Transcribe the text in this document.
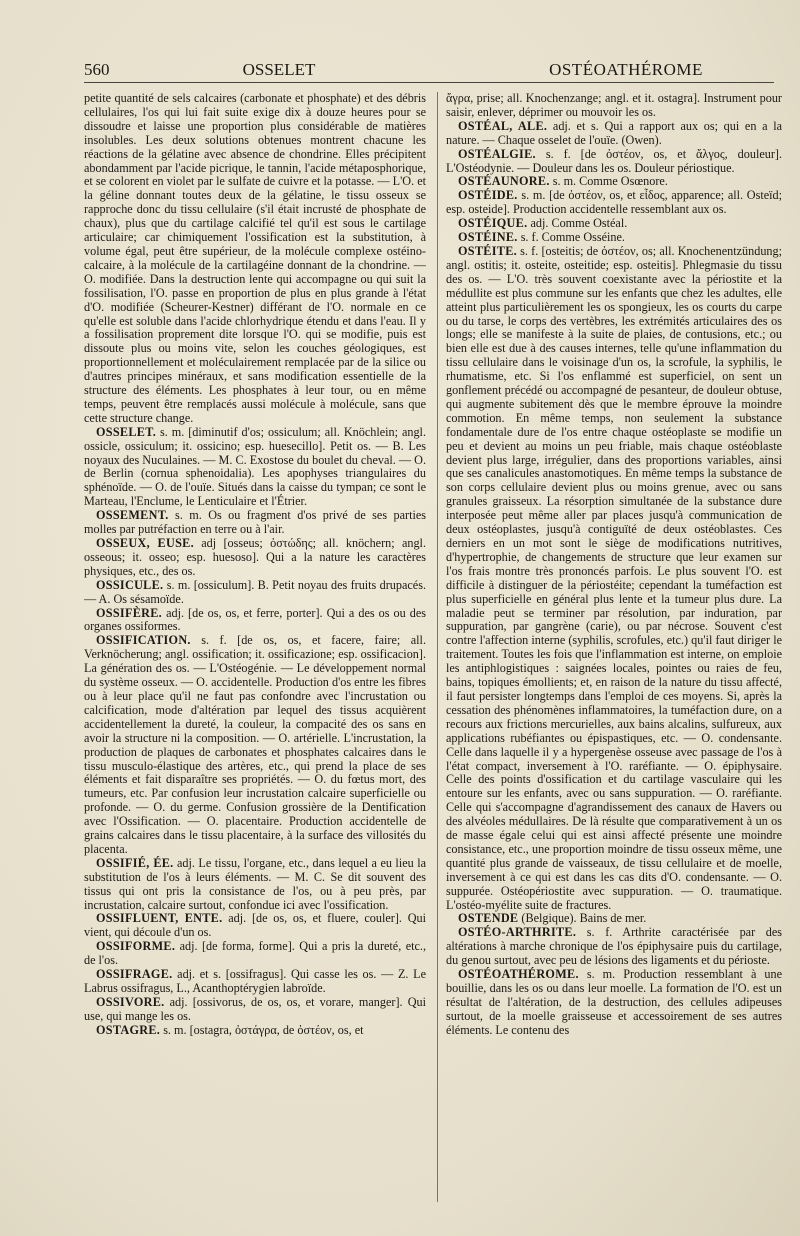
560	OSSELET	OSTÉOATHÉROME

petite quantité de sels calcaires (carbonate et phosphate) et des débris cellulaires, l'os qui lui fait suite exige dix à douze heures pour se dissoudre et laisse une proportion plus considérable de matières insolubles. Les deux solutions obtenues montrent chacune les réactions de la gélatine avec absence de chondrine. Elles précipitent abondamment par l'acide picrique, le tannin, l'acide métaposphorique, et se colorent en violet par le sulfate de cuivre et la potasse. — L'O. et la géline donnant toutes deux de la gélatine, le tissu osseux se rapproche donc du tissu cellulaire (s'il était incrusté de phosphate de chaux), plus que du cartilage calcifié tel qu'il est sous le cartilage articulaire; car chimiquement l'ossification est la substitution, à volume égal, peut être supérieur, de la molécule complexe ostéino-calcaire, à la molécule de la cartilagéine donnant de la chondrine. — O. modifiée. Dans la destruction lente qui accompagne ou qui suit la fossilisation, l'O. passe en proportion de plus en plus grande à l'état d'O. modifiée (Scheurer-Kestner) différant de l'O. normale en ce qu'elle est soluble dans l'acide chlorhydrique étendu et dans l'eau. Il y a fossilisation proprement dite lorsque l'O. qui se modifie, puis est dissoute plus ou moins vite, selon les couches géologiques, est proportionnellement et moléculairement remplacée par de la silice ou d'autres principes minéraux, et sans modification essentielle de la structure des éléments. Les phosphates à leur tour, ou en même temps, peuvent être remplacés aussi molécule à molécule, sans que cette structure change.

OSSELET. s. m. [diminutif d'os; ossiculum; all. Knöchlein; angl. ossicle, ossiculum; it. ossicino; esp. huesecillo]. Petit os. — B. Les noyaux des Nuculaines. — M. C. Exostose du boulet du cheval. — O. de Berlin (cornua sphenoidalia). Les apophyses triangulaires du sphénoïde. — O. de l'ouïe. Situés dans la caisse du tympan; ce sont le Marteau, l'Enclume, le Lenticulaire et l'Étrier.

OSSEMENT. s. m. Os ou fragment d'os privé de ses parties molles par putréfaction en terre ou à l'air.

OSSEUX, EUSE. adj [osseus; ὀστώδης; all. knöchern; angl. osseous; it. osseo; esp. huesoso]. Qui a la nature les caractères physiques, etc., des os.

OSSICULE. s. m. [ossiculum]. B. Petit noyau des fruits drupacés. — A. Os sésamoïde.

OSSIFÈRE. adj. [de os, os, et ferre, porter]. Qui a des os ou des organes ossiformes.

OSSIFICATION. s. f. [de os, os, et facere, faire; all. Verknöcherung; angl. ossification; it. ossificazione; esp. ossificacion]. La génération des os. — L'Ostéogénie. — Le développement normal du système osseux. — O. accidentelle. Production d'os entre les fibres ou à leur place qu'il ne faut pas confondre avec l'incrustation ou calcification, mode d'altération par lequel des tissus acquièrent accidentellement la dureté, la couleur, la compacité des os sans en avoir la structure ni la composition. — O. artérielle. L'incrustation, la production de plaques de carbonates et phosphates calcaires dans le tissu musculo-élastique des artères, etc., qui prend la place de ses éléments et fait disparaître ses propriétés. — O. du fœtus mort, des tumeurs, etc. Par confusion leur incrustation calcaire superficielle ou profonde. — O. du germe. Confusion grossière de la Dentification avec l'Ossification. — O. placentaire. Production accidentelle de grains calcaires dans le tissu placentaire, à la surface des villosités du placenta.

OSSIFIÉ, ÉE. adj. Le tissu, l'organe, etc., dans lequel a eu lieu la substitution de l'os à leurs éléments. — M. C. Se dit souvent des tissus qui ont pris la consistance de l'os, ou à peu près, par incrustation, calcaire surtout, confondue ici avec l'ossification.

OSSIFLUENT, ENTE. adj. [de os, os, et fluere, couler]. Qui vient, qui découle d'un os.

OSSIFORME. adj. [de forma, forme]. Qui a pris la dureté, etc., de l'os.

OSSIFRAGE. adj. et s. [ossifragus]. Qui casse les os. — Z. Le Labrus ossifragus, L., Acanthoptérygien labroïde.

OSSIVORE. adj. [ossivorus, de os, os, et vorare, manger]. Qui use, qui mange les os.

OSTAGRE. s. m. [ostagra, ὀστάγρα, de ὀστέον, os, et

ἄγρα, prise; all. Knochenzange; angl. et it. ostagra]. Instrument pour saisir, enlever, déprimer ou mouvoir les os.

OSTÉAL, ALE. adj. et s. Qui a rapport aux os; qui en a la nature. — Chaque osselet de l'ouïe. (Owen).

OSTÉALGIE. s. f. [de ὀστέον, os, et ἄλγος, douleur]. L'Ostéodynie. — Douleur dans les os. Douleur périostique.

OSTÉAUNORE. s. m. Comme Osœnore.

OSTÉIDE. s. m. [de ὀστέον, os, et εἶδος, apparence; all. Osteïd; esp. osteide]. Production accidentelle ressemblant aux os.

OSTÉIQUE. adj. Comme Ostéal.

OSTÉINE. s. f. Comme Osséine.

OSTÉITE. s. f. [osteitis; de ὀστέον, os; all. Knochenentzündung; angl. ostitis; it. osteite, osteitide; esp. osteitis]. Phlegmasie du tissu des os. — L'O. très souvent coexistante avec la périostite et la médullite est plus commune sur les enfants que chez les adultes, elle atteint plus particulièrement les os spongieux, les os courts du carpe ou du tarse, le corps des vertèbres, les extrémités articulaires des os longs; elle se manifeste à la suite de plaies, de contusions, etc.; ou bien elle est due à des causes internes, telle qu'une inflammation du tissu cellulaire dans le voisinage d'un os, la scrofule, la syphilis, le rhumatisme, etc. Si l'os enflammé est superficiel, on sent un gonflement précédé ou accompagné de pesanteur, de douleur obtuse, qui augmente subitement dès que le membre éprouve la moindre commotion. En même temps, non seulement la substance fondamentale dure de l'os entre chaque ostéoplaste se modifie un peu et devient au moins un peu friable, mais chaque ostéoblaste devient plus large, irrégulier, dans des proportions variables, ainsi que ses canalicules anastomotiques. En même temps la substance de son corps cellulaire devient plus ou moins grenue, avec ou sans granules graisseux. La résorption simultanée de la substance dure interposée peut même aller par places jusqu'à communication de deux ostéoplastes, jusqu'à contiguïté de deux ostéoblastes. Ces derniers en un mot sont le siège de modifications nutritives, d'hypertrophie, de changements de structure que leur examen sur l'os frais montre très prononcés parfois. Le plus souvent l'O. est difficile à distinguer de la périostéite; cependant la tuméfaction est plus superficielle en général plus lente et la tumeur plus dure. La maladie peut se terminer par résolution, par induration, par suppuration, par gangrène (carie), ou par nécrose. Souvent c'est contre l'affection interne (syphilis, scrofules, etc.) qu'il faut diriger le traitement. Toutes les fois que l'inflammation est interne, on emploie les antiphlogistiques : saignées locales, pointes ou raies de feu, bains, topiques émollients; et, en raison de la nature du tissu affecté, il faut persister longtemps dans l'emploi de ces moyens. Si, après la cessation des phénomènes inflammatoires, la tuméfaction dure, on a recours aux frictions mercurielles, aux bains alcalins, sulfureux, aux applications rubéfiantes ou épispastiques, etc. — O. condensante. Celle dans laquelle il y a hypergenèse osseuse avec passage de l'os à l'état compact, inversement à l'O. raréfiante. — O. épiphysaire. Celle des points d'ossification et du cartilage vasculaire qui les entoure sur les enfants, avec ou sans suppuration. — O. raréfiante. Celle qui s'accompagne d'agrandissement des canaux de Havers ou des alvéoles médullaires. De là résulte que comparativement à un os de masse égale celui qui est ainsi affecté présente une moindre consistance, etc., une proportion moindre de tissu osseux même, une quantité plus grande de vaisseaux, de tissu cellulaire et de moelle, inversement à ce qui est dans les cas dits d'O. condensante. — O. suppurée. Ostéopériostite avec suppuration. — O. traumatique. L'ostéo-myélite suite de fractures.

OSTENDE (Belgique). Bains de mer.

OSTÉO-ARTHRITE. s. f. Arthrite caractérisée par des altérations à marche chronique de l'os épiphysaire puis du cartilage, du genou surtout, avec peu de lésions des ligaments et du périoste.

OSTÉOATHÉROME. s. m. Production ressemblant à une bouillie, dans les os ou dans leur moelle. La formation de l'O. est un résultat de l'altération, de la destruction, des cellules adipeuses surtout, de la moelle graisseuse et accessoirement de ses autres éléments. Le contenu des
